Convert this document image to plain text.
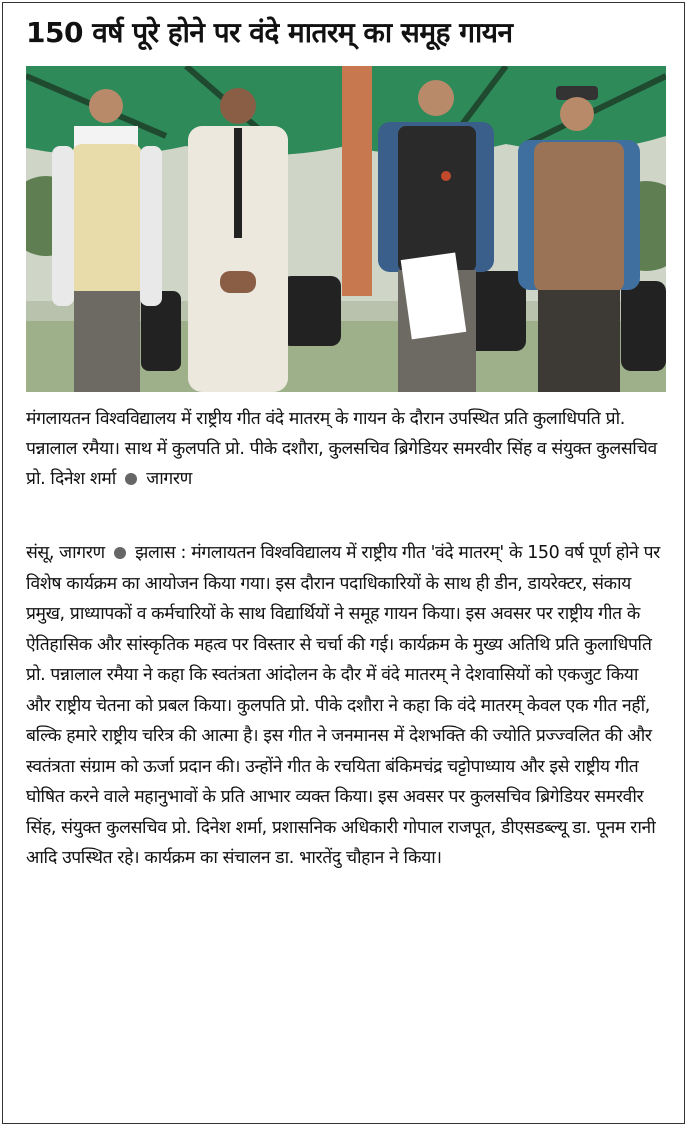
150 वर्ष पूरे होने पर वंदे मातरम् का समूह गायन
मंगलायतन विश्वविद्यालय में राष्ट्रीय गीत वंदे मातरम् के गायन के दौरान उपस्थित प्रति कुलाधिपति प्रो. पन्नालाल रमैया। साथ में कुलपति प्रो. पीके दशौरा, कुलसचिव ब्रिगेडियर समरवीर सिंह व संयुक्त कुलसचिव प्रो. दिनेश शर्मा जागरण
संसू, जागरण झलास : मंगलायतन विश्वविद्यालय में राष्ट्रीय गीत 'वंदे मातरम्' के 150 वर्ष पूर्ण होने पर विशेष कार्यक्रम का आयोजन किया गया। इस दौरान पदाधिकारियों के साथ ही डीन, डायरेक्टर, संकाय प्रमुख, प्राध्यापकों व कर्मचारियों के साथ विद्यार्थियों ने समूह गायन किया। इस अवसर पर राष्ट्रीय गीत के ऐतिहासिक और सांस्कृतिक महत्व पर विस्तार से चर्चा की गई। कार्यक्रम के मुख्य अतिथि प्रति कुलाधिपति प्रो. पन्नालाल रमैया ने कहा कि स्वतंत्रता आंदोलन के दौर में वंदे मातरम् ने देशवासियों को एकजुट किया और राष्ट्रीय चेतना को प्रबल किया। कुलपति प्रो. पीके दशौरा ने कहा कि वंदे मातरम् केवल एक गीत नहीं, बल्कि हमारे राष्ट्रीय चरित्र की आत्मा है। इस गीत ने जनमानस में देशभक्ति की ज्योति प्रज्ज्वलित की और स्वतंत्रता संग्राम को ऊर्जा प्रदान की। उन्होंने गीत के रचयिता बंकिमचंद्र चट्टोपाध्याय और इसे राष्ट्रीय गीत घोषित करने वाले महानुभावों के प्रति आभार व्यक्त किया। इस अवसर पर कुलसचिव ब्रिगेडियर समरवीर सिंह, संयुक्त कुलसचिव प्रो. दिनेश शर्मा, प्रशासनिक अधिकारी गोपाल राजपूत, डीएसडब्ल्यू डा. पूनम रानी आदि उपस्थित रहे। कार्यक्रम का संचालन डा. भारतेंदु चौहान ने किया।
